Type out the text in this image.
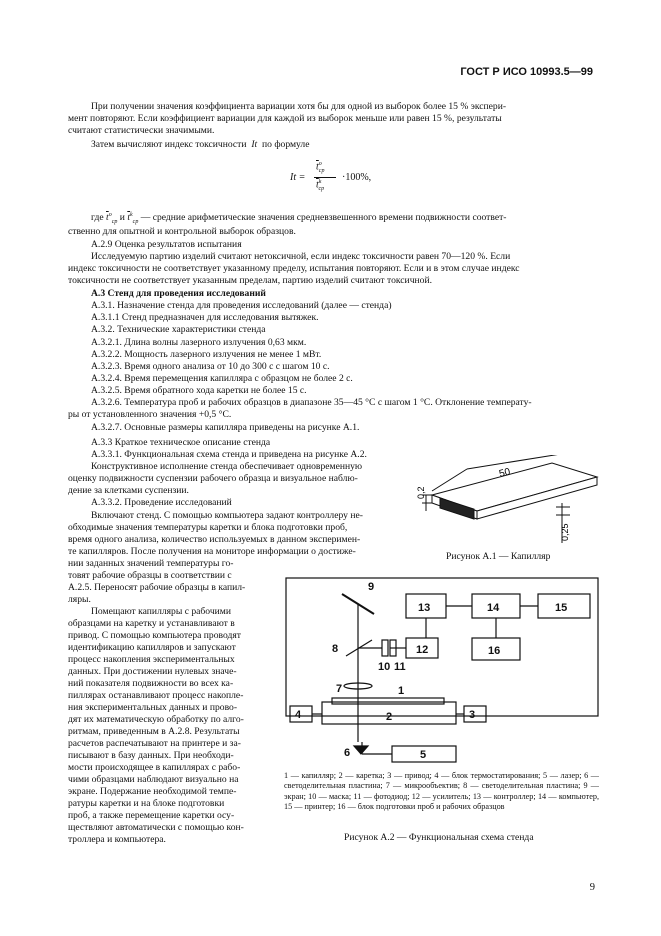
ГОСТ Р ИСО 10993.5—99
При получении значения коэффициента вариации хотя бы для одной из выборок более 15 % экспери-
мент повторяют. Если коэффициент вариации для каждой из выборок меньше или равен 15 %, результаты
считают статистически значимыми.
Затем вычисляют индекс токсичности It по формуле
It =
$\overline{t}^о_{ср}$
$\overline{t}^k_{ср}$
·100%,
где $\overline{t}^о_{ср}$ и $\overline{t}^k_{ср}$ — средние арифметические значения средневзвешенного времени подвижности соответ-
ственно для опытной и контрольной выборок образцов.
А.2.9 Оценка результатов испытания
Исследуемую партию изделий считают нетоксичной, если индекс токсичности равен 70—120 %. Если
индекс токсичности не соответствует указанному пределу, испытания повторяют. Если и в этом случае индекс
токсичности не соответствует указанным пределам, партию изделий считают токсичной.
А.3 Стенд для проведения исследований
А.3.1. Назначение стенда для проведения исследований (далее — стенда)
А.3.1.1 Стенд предназначен для исследования вытяжек.
А.3.2. Технические характеристики стенда
А.3.2.1. Длина волны лазерного излучения 0,63 мкм.
А.3.2.2. Мощность лазерного излучения не менее 1 мВт.
А.3.2.3. Время одного анализа от 10 до 300 с с шагом 10 с.
А.3.2.4. Время перемещения капилляра с образцом не более 2 с.
А.3.2.5. Время обратного хода каретки не более 15 с.
А.3.2.6. Температура проб и рабочих образцов в диапазоне 35—45 °С с шагом 1 °С. Отклонение температу-
ры от установленного значения +0,5 °С.
А.3.2.7. Основные размеры капилляра приведены на рисунке А.1.
А.3.3 Краткое техническое описание стенда
А.3.3.1. Функциональная схема стенда и приведена на рисунке А.2.
Конструктивное исполнение стенда обеспечивает одновременную
оценку подвижности суспензии рабочего образца и визуальное наблю-
дение за клетками суспензии.
А.3.3.2. Проведение исследований
Включают стенд. С помощью компьютера задают контроллеру не-
обходимые значения температуры каретки и блока подготовки проб,
время одного анализа, количество используемых в данном эксперимен-
те капилляров. После получения на мониторе информации о достиже-
нии заданных значений температуры го-
товят рабочие образцы в соответствии с
А.2.5. Переносят рабочие образцы в капил-
ляры.
Помещают капилляры с рабочими
образцами на каретку и устанавливают в
привод. С помощью компьютера проводят
идентификацию капилляров и запускают
процесс накопления экспериментальных
данных. При достижении нулевых значе-
ний показателя подвижности во всех ка-
пиллярах останавливают процесс накопле-
ния экспериментальных данных и прово-
дят их математическую обработку по алго-
ритмам, приведенным в А.2.8. Результаты
расчетов распечатывают на принтере и за-
писывают в базу данных. При необходи-
мости происходящее в капиллярах с рабо-
чими образцами наблюдают визуально на
экране. Подержание необходимой темпе-
ратуры каретки и на блоке подготовки
проб, а также перемещение каретки осу-
ществляют автоматически с помощью кон-
троллера и компьютера.
50
0,2
0,25
Рисунок А.1 — Капилляр
13	14	15
12	16
4	3
2
1
5
6
7
8
9
10 11
1 — капилляр; 2 — каретка; 3 — привод; 4 — блок термостатирования; 5 — лазер; 6 — светоделительная пластина; 7 — микрообъектив; 8 — светоделительная пластина; 9 — экран; 10 — маска; 11 — фотодиод; 12 — усилитель; 13 — контроллер; 14 — компьютер, 15 — принтер; 16 — блок подготовки проб и рабочих образцов
Рисунок А.2 — Функциональная схема стенда
9
